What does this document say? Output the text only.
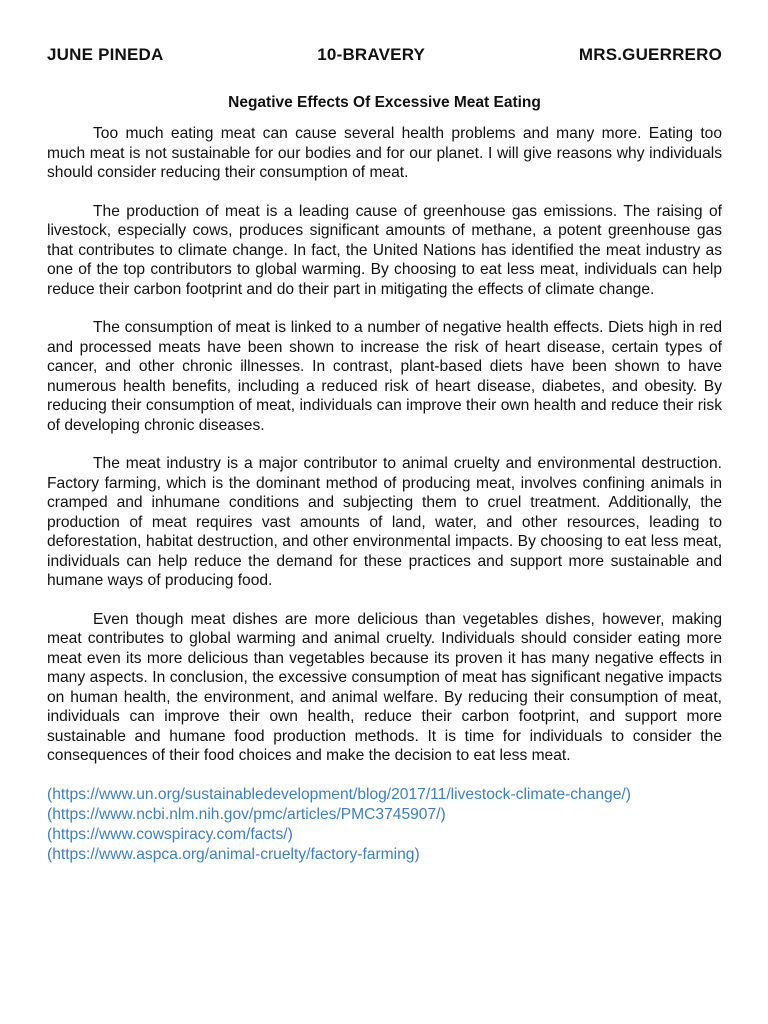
JUNE PINEDA	10-BRAVERY	MRS.GUERRERO
Negative Effects Of Excessive Meat Eating

Too much eating meat can cause several health problems and many more. Eating too much meat is not sustainable for our bodies and for our planet. I will give reasons why individuals should consider reducing their consumption of meat.

The production of meat is a leading cause of greenhouse gas emissions. The raising of livestock, especially cows, produces significant amounts of methane, a potent greenhouse gas that contributes to climate change. In fact, the United Nations has identified the meat industry as one of the top contributors to global warming. By choosing to eat less meat, individuals can help reduce their carbon footprint and do their part in mitigating the effects of climate change.

The consumption of meat is linked to a number of negative health effects. Diets high in red and processed meats have been shown to increase the risk of heart disease, certain types of cancer, and other chronic illnesses. In contrast, plant-based diets have been shown to have numerous health benefits, including a reduced risk of heart disease, diabetes, and obesity. By reducing their consumption of meat, individuals can improve their own health and reduce their risk of developing chronic diseases.

The meat industry is a major contributor to animal cruelty and environmental destruction. Factory farming, which is the dominant method of producing meat, involves confining animals in cramped and inhumane conditions and subjecting them to cruel treatment. Additionally, the production of meat requires vast amounts of land, water, and other resources, leading to deforestation, habitat destruction, and other environmental impacts. By choosing to eat less meat, individuals can help reduce the demand for these practices and support more sustainable and humane ways of producing food.

Even though meat dishes are more delicious than vegetables dishes, however, making meat contributes to global warming and animal cruelty. Individuals should consider eating more meat even its more delicious than vegetables because its proven it has many negative effects in many aspects. In conclusion, the excessive consumption of meat has significant negative impacts on human health, the environment, and animal welfare. By reducing their consumption of meat, individuals can improve their own health, reduce their carbon footprint, and support more sustainable and humane food production methods. It is time for individuals to consider the consequences of their food choices and make the decision to eat less meat.

(https://www.un.org/sustainabledevelopment/blog/2017/11/livestock-climate-change/)
(https://www.ncbi.nlm.nih.gov/pmc/articles/PMC3745907/)
(https://www.cowspiracy.com/facts/)
(https://www.aspca.org/animal-cruelty/factory-farming)
